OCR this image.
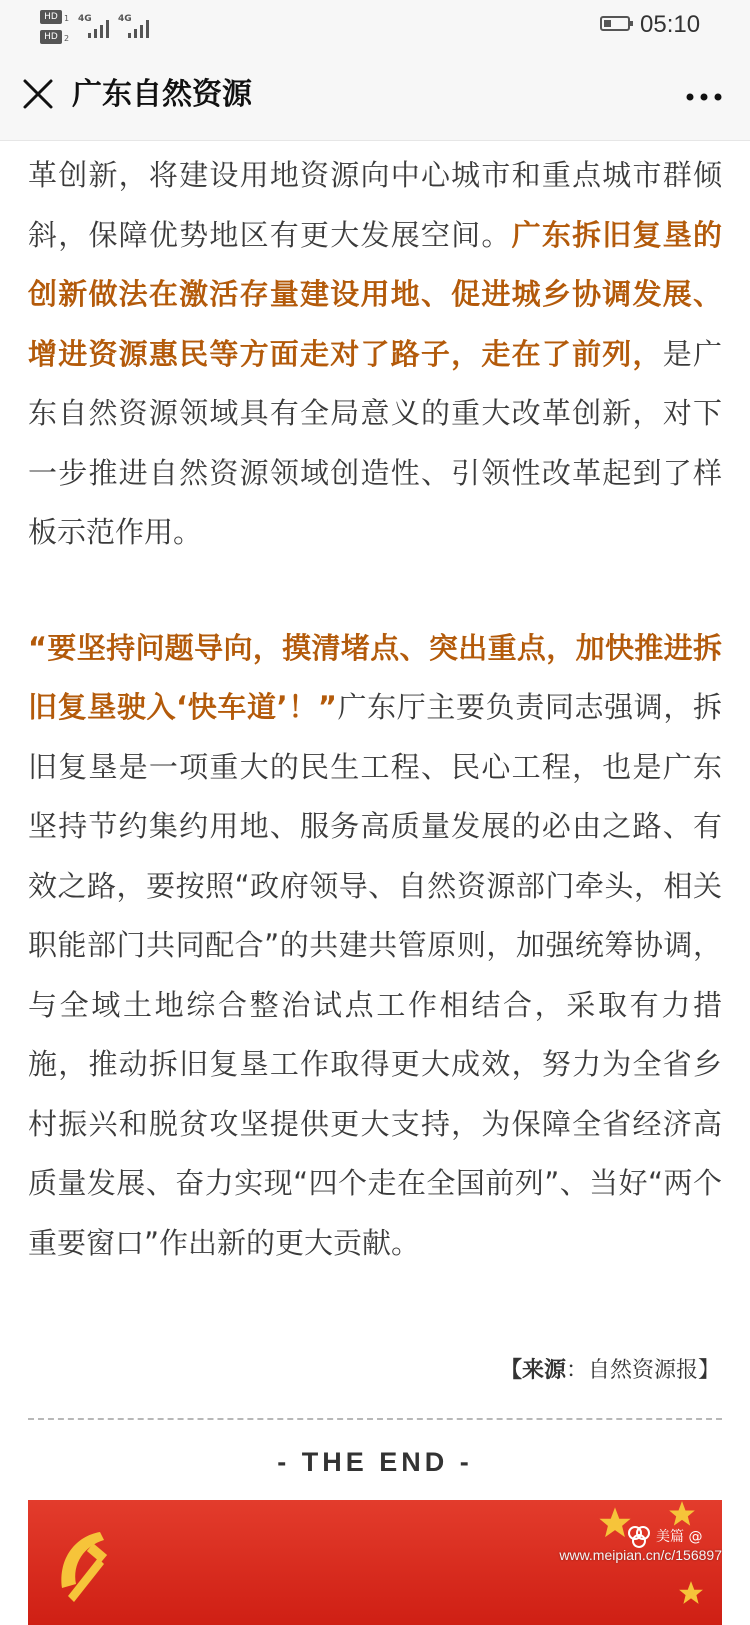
HD 1
HD 2
4G	4G	05:10
广东自然资源

革创新，将建设用地资源向中心城市和重点城市群倾斜，保障优势地区有更大发展空间。广东拆旧复垦的创新做法在激活存量建设用地、促进城乡协调发展、增进资源惠民等方面走对了路子，走在了前列，是广东自然资源领域具有全局意义的重大改革创新，对下一步推进自然资源领域创造性、引领性改革起到了样板示范作用。

“要坚持问题导向，摸清堵点、突出重点，加快推进拆旧复垦驶入‘快车道’！”广东厅主要负责同志强调，拆旧复垦是一项重大的民生工程、民心工程，也是广东坚持节约集约用地、服务高质量发展的必由之路、有效之路，要按照“政府领导、自然资源部门牵头，相关职能部门共同配合”的共建共管原则，加强统筹协调，与全域土地综合整治试点工作相结合，采取有力措施，推动拆旧复垦工作取得更大成效，努力为全省乡村振兴和脱贫攻坚提供更大支持，为保障全省经济高质量发展、奋力实现“四个走在全国前列”、当好“两个重要窗口”作出新的更大贡献。

【来源：自然资源报】
- THE END -
美篇 @
www.meipian.cn/c/156897
